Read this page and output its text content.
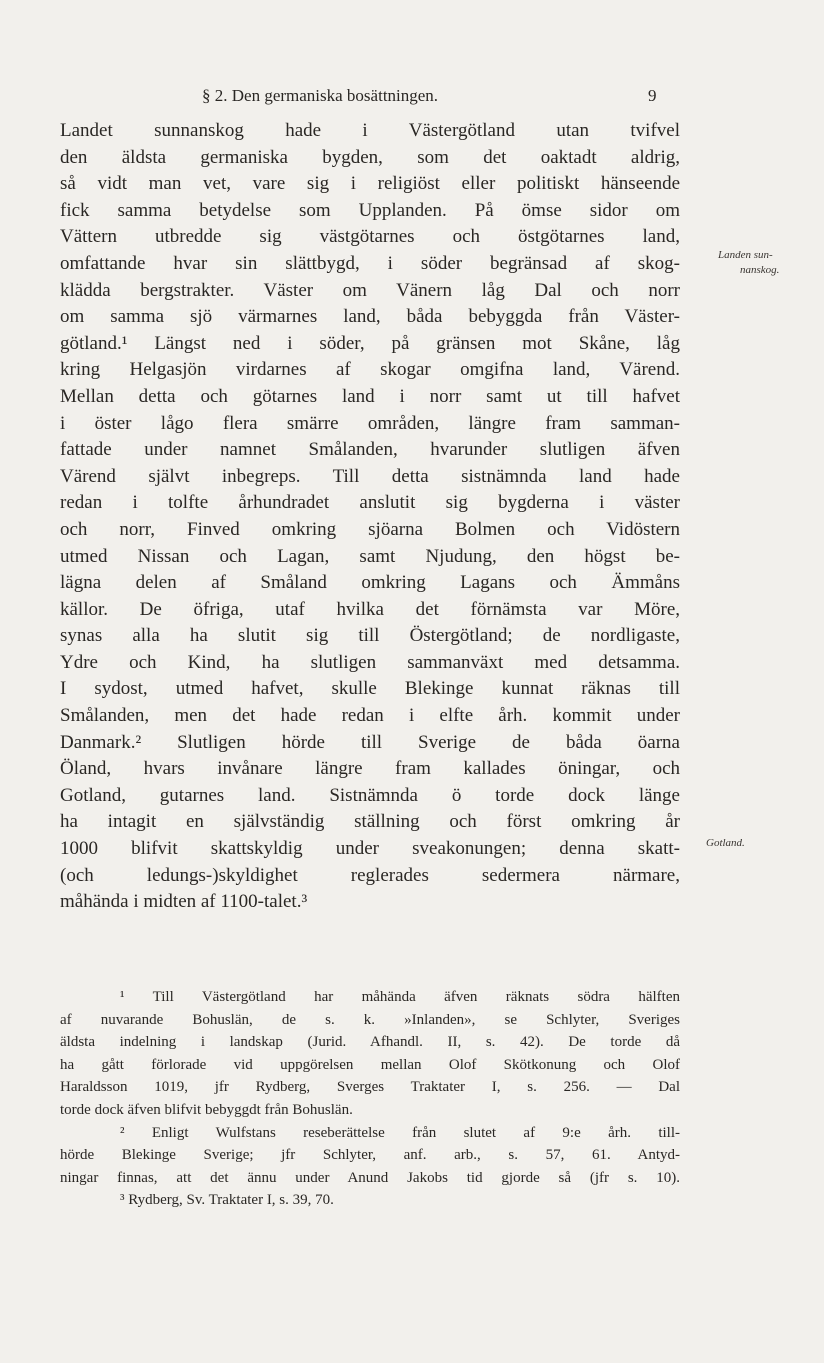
§ 2. Den germaniska bosättningen.	9
Landet sunnanskog hade i Västergötland utan tvifvel
den äldsta germaniska bygden, som det oaktadt aldrig,
så vidt man vet, vare sig i religiöst eller politiskt hänseende
fick samma betydelse som Upplanden. På ömse sidor om
Vättern utbredde sig västgötarnes och östgötarnes land,
omfattande hvar sin slättbygd, i söder begränsad af skog-
klädda bergstrakter. Väster om Vänern låg Dal och norr
om samma sjö värmarnes land, båda bebyggda från Väster-
götland.¹ Längst ned i söder, på gränsen mot Skåne, låg
kring Helgasjön virdarnes af skogar omgifna land, Värend.
Mellan detta och götarnes land i norr samt ut till hafvet
i öster lågo flera smärre områden, längre fram samman-
fattade under namnet Smålanden, hvarunder slutligen äfven
Värend självt inbegreps. Till detta sistnämnda land hade
redan i tolfte århundradet anslutit sig bygderna i väster
och norr, Finved omkring sjöarna Bolmen och Vidöstern
utmed Nissan och Lagan, samt Njudung, den högst be-
lägna delen af Småland omkring Lagans och Ämmåns
källor. De öfriga, utaf hvilka det förnämsta var Möre,
synas alla ha slutit sig till Östergötland; de nordligaste,
Ydre och Kind, ha slutligen sammanväxt med detsamma.
I sydost, utmed hafvet, skulle Blekinge kunnat räknas till
Smålanden, men det hade redan i elfte årh. kommit under
Danmark.² Slutligen hörde till Sverige de båda öarna
Öland, hvars invånare längre fram kallades öningar, och
Gotland, gutarnes land. Sistnämnda ö torde dock länge
ha intagit en självständig ställning och först omkring år
1000 blifvit skattskyldig under sveakonungen; denna skatt-
(och ledungs-)skyldighet reglerades sedermera närmare,
måhända i midten af 1100-talet.³
Landen sun-
nanskog.
Gotland.
¹ Till Västergötland har måhända äfven räknats södra hälften
af nuvarande Bohuslän, de s. k. »Inlanden», se Schlyter, Sveriges
äldsta indelning i landskap (Jurid. Afhandl. II, s. 42). De torde då
ha gått förlorade vid uppgörelsen mellan Olof Skötkonung och Olof
Haraldsson 1019, jfr Rydberg, Sverges Traktater I, s. 256. — Dal
torde dock äfven blifvit bebyggdt från Bohuslän.
² Enligt Wulfstans reseberättelse från slutet af 9:e årh. till-
hörde Blekinge Sverige; jfr Schlyter, anf. arb., s. 57, 61. Antyd-
ningar finnas, att det ännu under Anund Jakobs tid gjorde så (jfr s. 10).
³ Rydberg, Sv. Traktater I, s. 39, 70.
